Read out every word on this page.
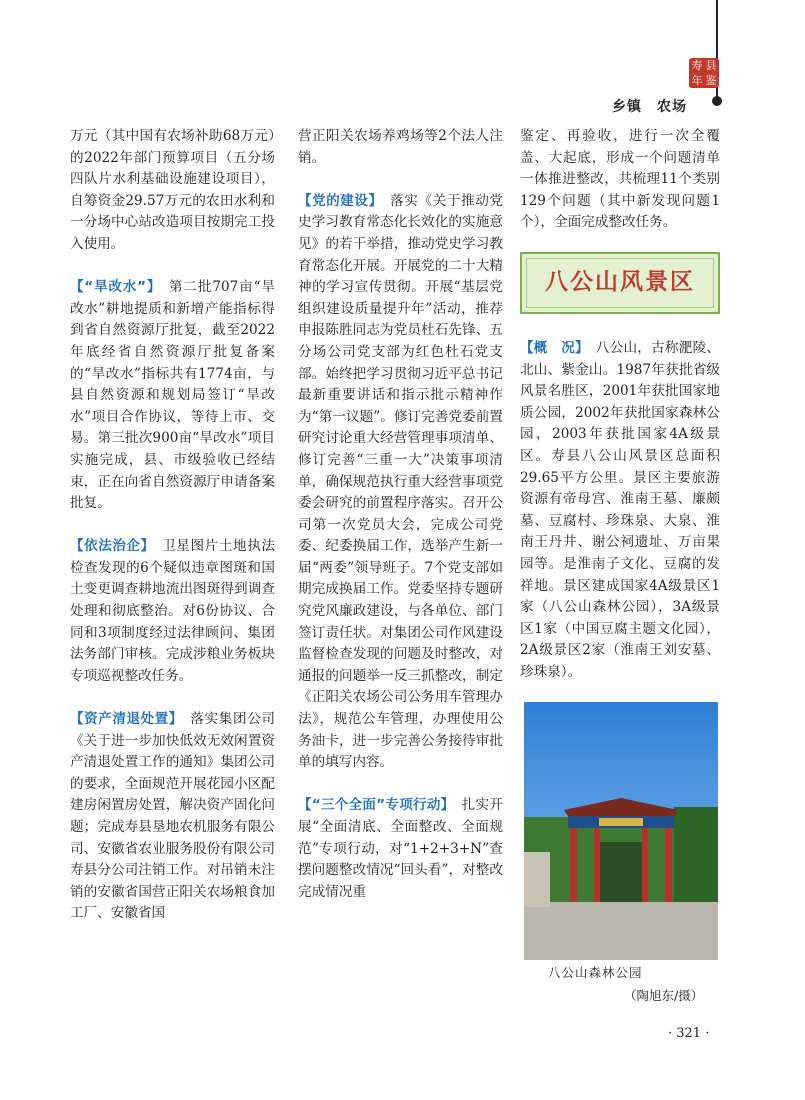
寿 县
年 鉴
乡镇　农场

万元（其中国有农场补助68万元）的2022年部门预算项目（五分场四队片水利基础设施建设项目），自筹资金29.57万元的农田水利和一分场中心站改造项目按期完工投入使用。

【“旱改水”】　 第二批707亩“旱改水”耕地提质和新增产能指标得到省自然资源厅批复，截至2022年底经省自然资源厅批复备案的“旱改水”指标共有1774亩，与县自然资源和规划局签订“旱改水”项目合作协议，等待上市、交易。第三批次900亩“旱改水”项目实施完成，县、市级验收已经结束，正在向省自然资源厅申请备案批复。

【依法治企】　 卫星图片土地执法检查发现的6个疑似违章图斑和国土变更调查耕地流出图斑得到调查处理和彻底整治。对6份协议、合同和3项制度经过法律顾问、集团法务部门审核。完成涉粮业务板块专项巡视整改任务。

【资产清退处置】　 落实集团公司《关于进一步加快低效无效闲置资产清退处置工作的通知》集团公司的要求，全面规范开展花园小区配建房闲置房处置，解决资产固化问题；完成寿县垦地农机服务有限公司、安徽省农业服务股份有限公司寿县分公司注销工作。对吊销未注销的安徽省国营正阳关农场粮食加工厂、安徽省国

营正阳关农场养鸡场等2个法人注销。

【党的建设】　 落实《关于推动党史学习教育常态化长效化的实施意见》的若干举措，推动党史学习教育常态化开展。开展党的二十大精神的学习宣传贯彻。开展“基层党组织建设质量提升年”活动，推荐申报陈胜同志为党员杜石先锋、五分场公司党支部为红色杜石党支部。始终把学习贯彻习近平总书记最新重要讲话和指示批示精神作为“第一议题”。修订完善党委前置研究讨论重大经营管理事项清单、修订完善“三重一大”决策事项清单，确保规范执行重大经营事项党委会研究的前置程序落实。召开公司第一次党员大会，完成公司党委、纪委换届工作，选举产生新一届“两委”领导班子。7个党支部如期完成换届工作。党委坚持专题研究党风廉政建设，与各单位、部门签订责任状。对集团公司作风建设监督检查发现的问题及时整改，对通报的问题举一反三抓整改，制定《正阳关农场公司公务用车管理办法》，规范公车管理，办理使用公务油卡，进一步完善公务接待审批单的填写内容。

【“三个全面”专项行动】　 扎实开展“全面清底、全面整改、全面规范”专项行动，对“1+2+3+N”查摆问题整改情况“回头看”，对整改完成情况重

鉴定、再验收，进行一次全覆盖、大起底，形成一个问题清单一体推进整改，共梳理11个类别129个问题（其中新发现问题1个），全面完成整改任务。

八公山风景区

【概　况】　 八公山，古称淝陵、北山、紫金山。1987年获批省级风景名胜区，2001年获批国家地质公园，2002年获批国家森林公园，2003年获批国家4A级景区。寿县八公山风景区总面积29.65平方公里。景区主要旅游资源有帝母宫、淮南王墓、廉颇墓、豆腐村、珍珠泉、大泉、淮南王丹井、谢公祠遗址、万亩果园等。是淮南子文化、豆腐的发祥地。景区建成国家4A级景区1家（八公山森林公园），3A级景区1家（中国豆腐主题文化园），2A级景区2家（淮南王刘安墓、珍珠泉）。

八公山森林公园
（陶旭东/摄）
· 321 ·
